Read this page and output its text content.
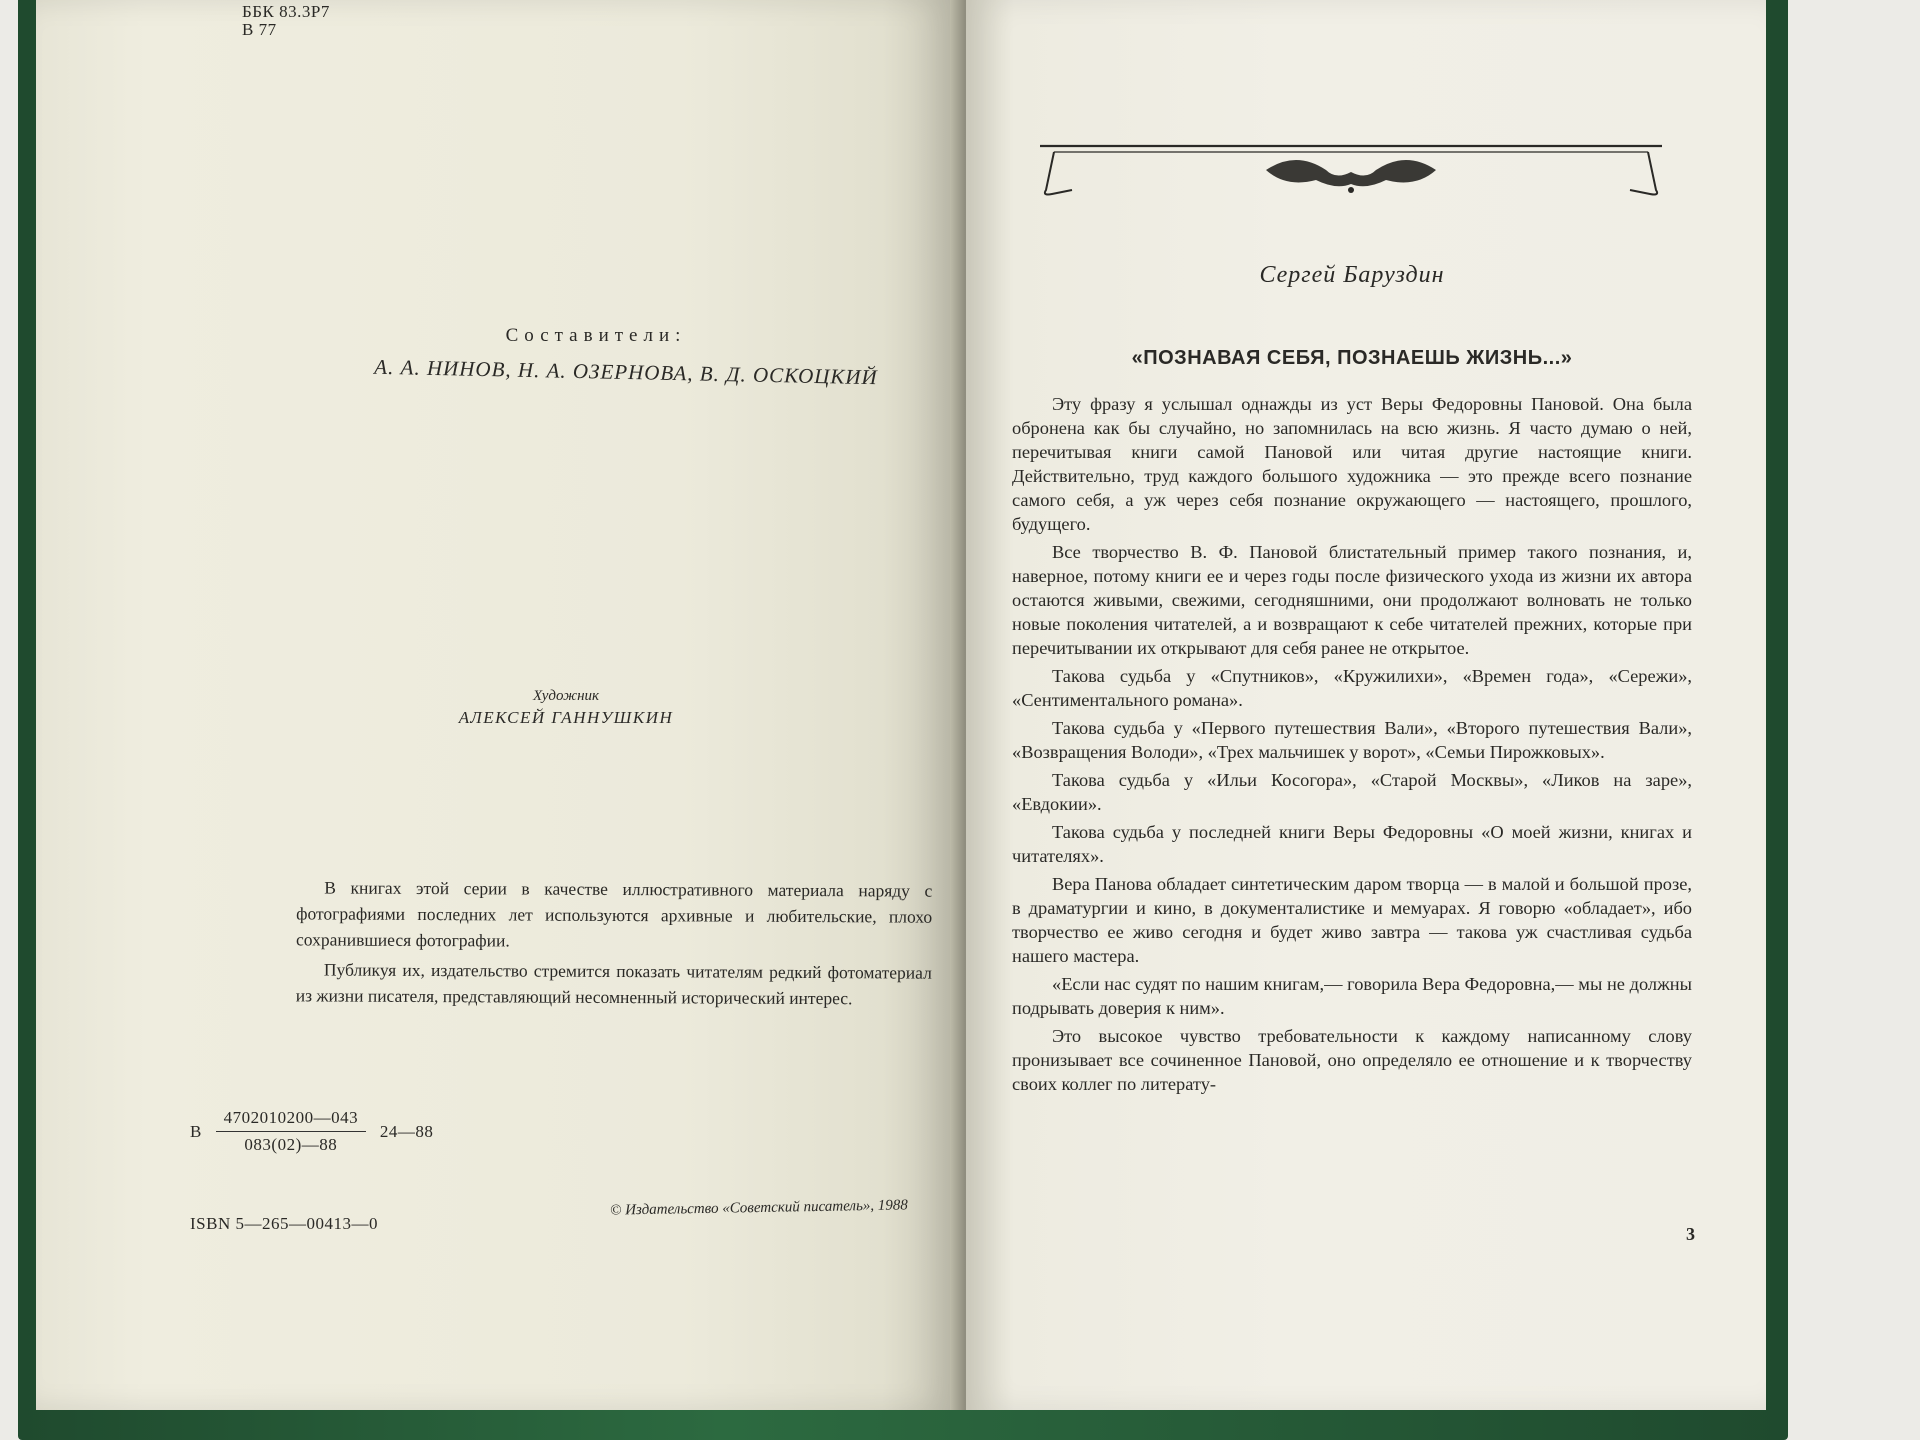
ББК 83.3Р7
В 77
Составители:
А. А. НИНОВ, Н. А. ОЗЕРНОВА, В. Д. ОСКОЦКИЙ
Художник
АЛЕКСЕЙ ГАННУШКИН

В книгах этой серии в качестве иллюстративного материала наряду с фотографиями последних лет используются архивные и любительские, плохо сохранившиеся фотографии.

Публикуя их, издательство стремится показать читателям редкий фотоматериал из жизни писателя, представляющий несомненный исторический интерес.

В $\frac{4702010200—043}{083(02)—88}$ 24—88
ISBN 5—265—00413—0
© Издательство «Советский писатель», 1988
Сергей Баруздин
«ПОЗНАВАЯ СЕБЯ, ПОЗНАЕШЬ ЖИЗНЬ...»

Эту фразу я услышал однажды из уст Веры Федоровны Пановой. Она была обронена как бы случайно, но запомнилась на всю жизнь. Я часто думаю о ней, перечитывая книги самой Пановой или читая другие настоящие книги. Действительно, труд каждого большого художника — это прежде всего познание самого себя, а уж через себя познание окружающего — настоящего, прошлого, будущего.

Все творчество В. Ф. Пановой блистательный пример такого познания, и, наверное, потому книги ее и через годы после физического ухода из жизни их автора остаются живыми, свежими, сегодняшними, они продолжают волновать не только новые поколения читателей, а и возвращают к себе читателей прежних, которые при перечитывании их открывают для себя ранее не открытое.

Такова судьба у «Спутников», «Кружилихи», «Времен года», «Сережи», «Сентиментального романа».

Такова судьба у «Первого путешествия Вали», «Второго путешествия Вали», «Возвращения Володи», «Трех мальчишек у ворот», «Семьи Пирожковых».

Такова судьба у «Ильи Косогора», «Старой Москвы», «Ликов на заре», «Евдокии».

Такова судьба у последней книги Веры Федоровны «О моей жизни, книгах и читателях».

Вера Панова обладает синтетическим даром творца — в малой и большой прозе, в драматургии и кино, в документалистике и мемуарах. Я говорю «обладает», ибо творчество ее живо сегодня и будет живо завтра — такова уж счастливая судьба нашего мастера.

«Если нас судят по нашим книгам,— говорила Вера Федоровна,— мы не должны подрывать доверия к ним».

Это высокое чувство требовательности к каждому написанному слову пронизывает все сочиненное Пановой, оно определяло ее отношение и к творчеству своих коллег по литерату-

3
